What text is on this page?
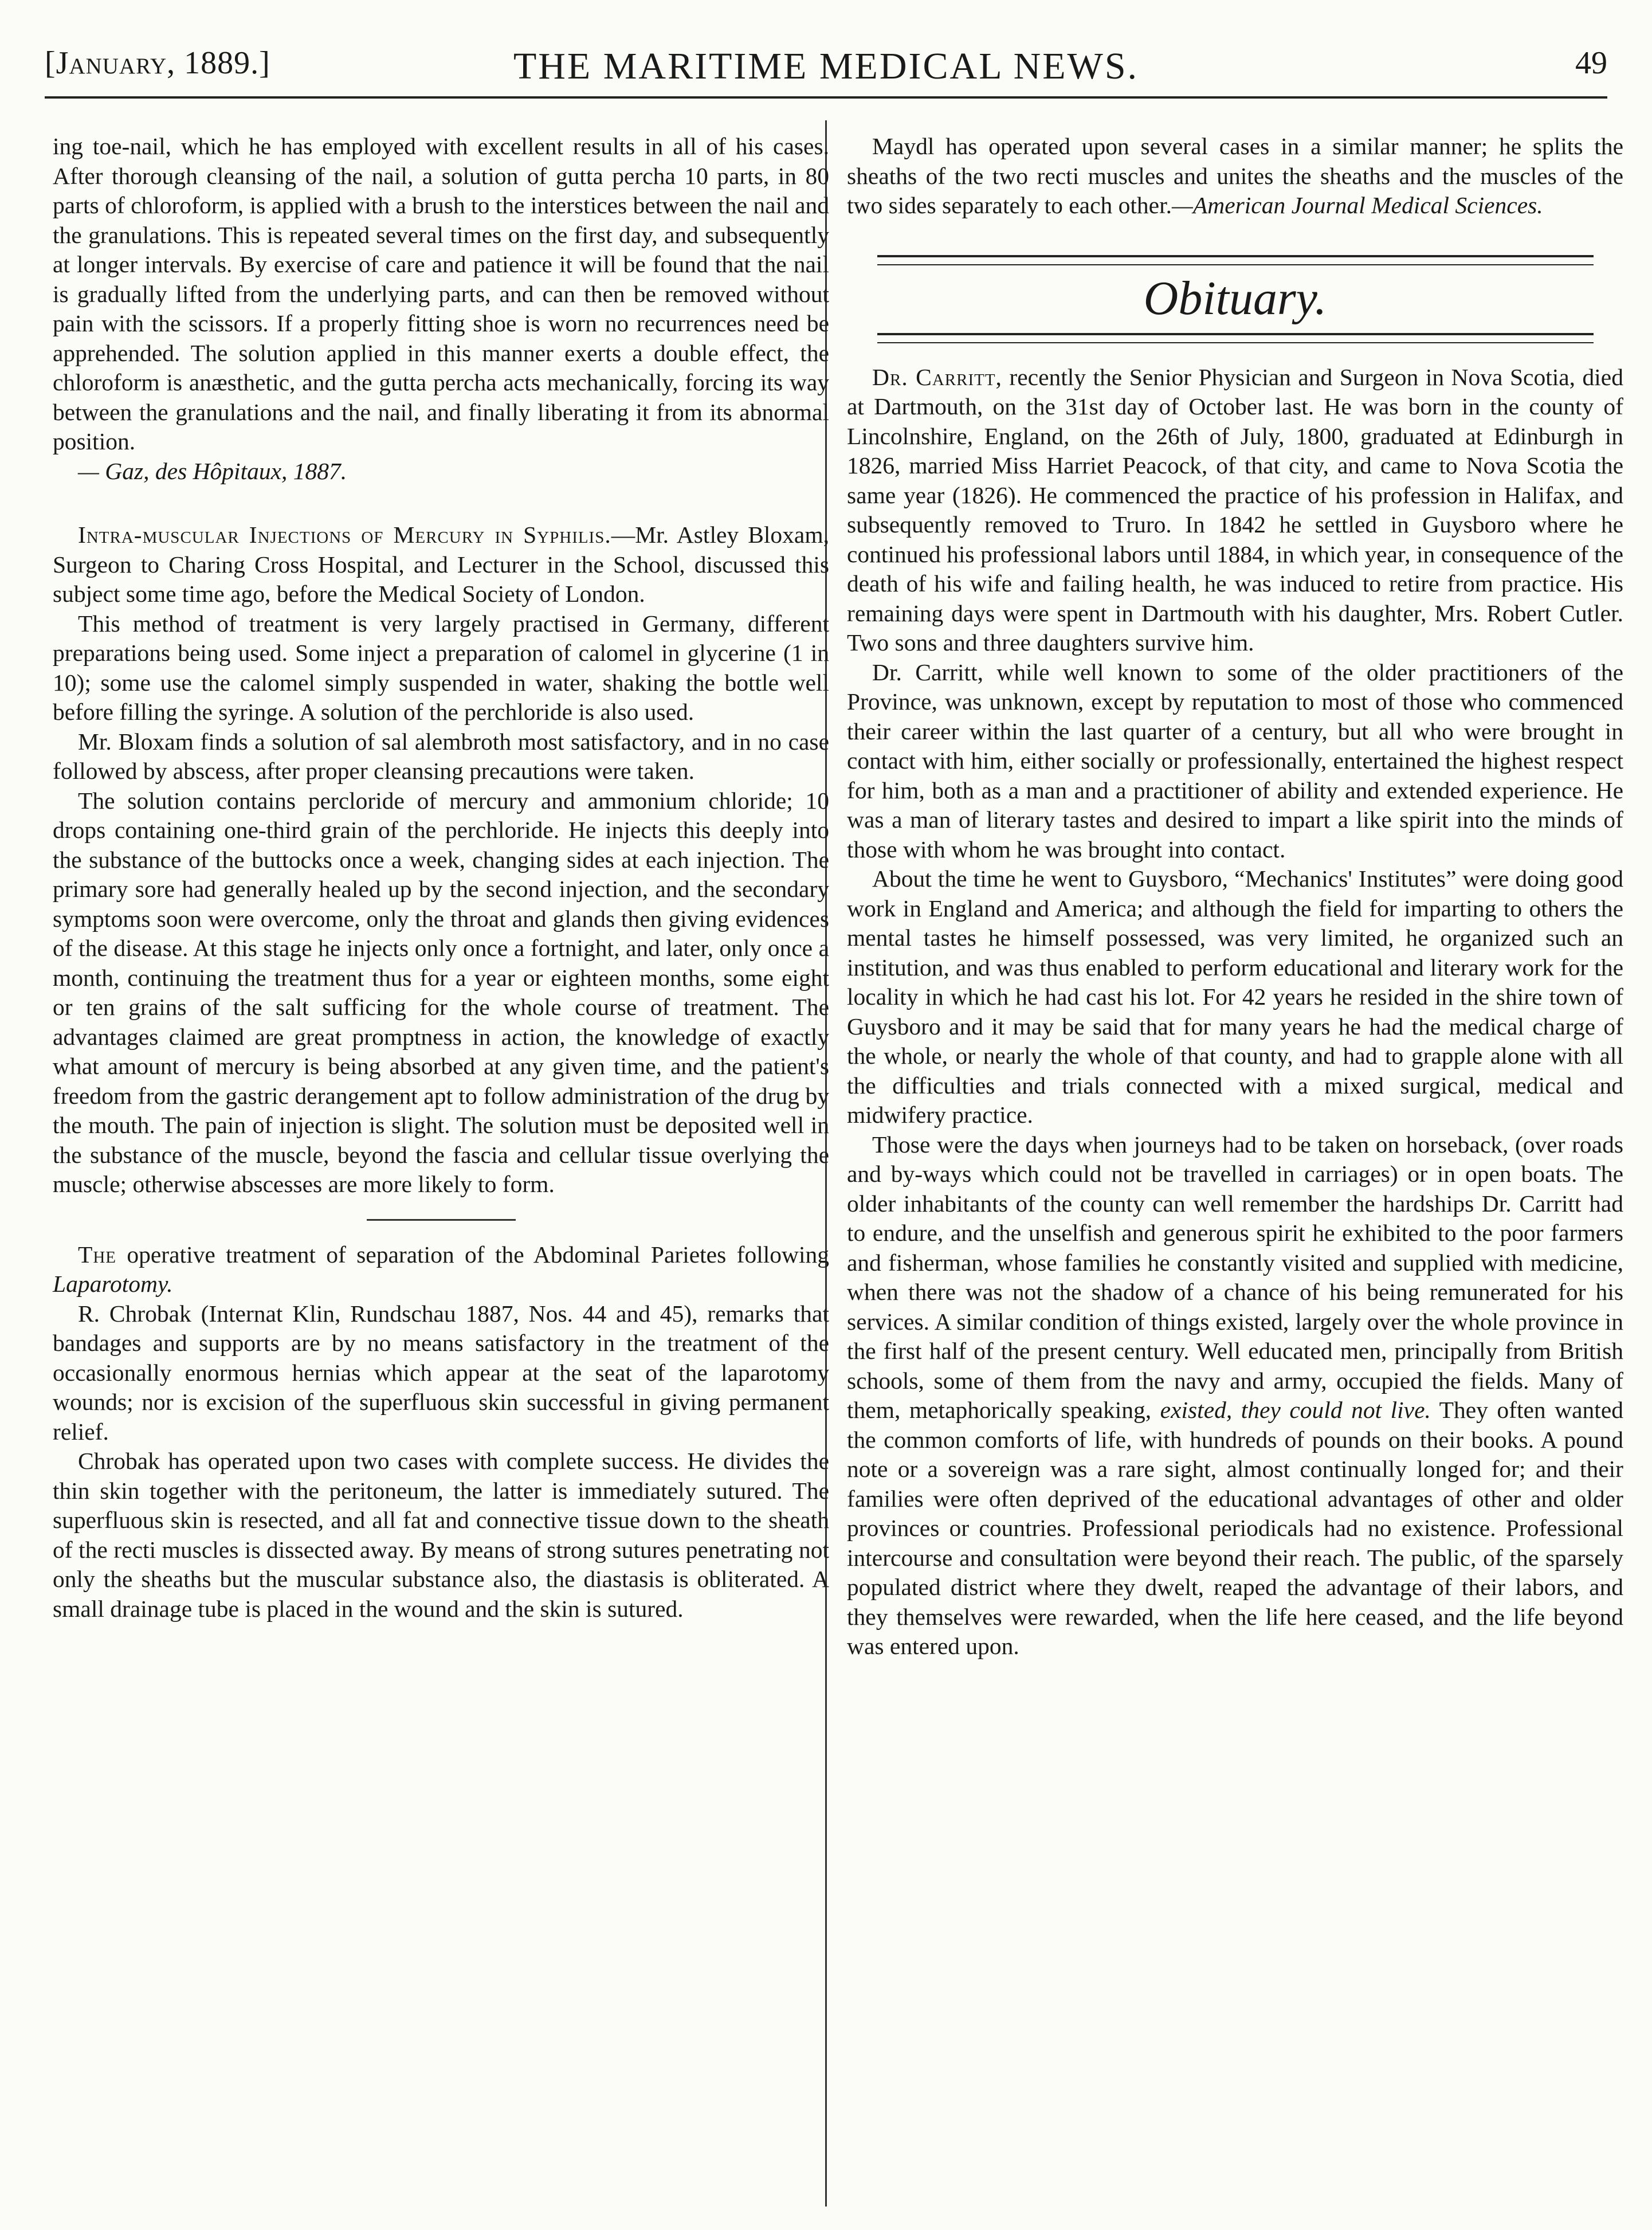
[January, 1889.]	THE MARITIME MEDICAL NEWS.	49

ing toe-nail, which he has employed with excellent results in all of his cases. After thorough cleansing of the nail, a solution of gutta percha 10 parts, in 80 parts of chloroform, is applied with a brush to the interstices between the nail and the granulations. This is repeated several times on the first day, and subsequently at longer intervals. By exercise of care and patience it will be found that the nail is gradually lifted from the underlying parts, and can then be removed without pain with the scissors. If a properly fitting shoe is worn no recurrences need be apprehended. The solution applied in this manner exerts a double effect, the chloroform is anæsthetic, and the gutta percha acts mechanically, forcing its way between the granulations and the nail, and finally liberating it from its abnormal position.

— Gaz, des Hôpitaux, 1887.

Intra-muscular Injections of Mercury in Syphilis.—Mr. Astley Bloxam, Surgeon to Charing Cross Hospital, and Lecturer in the School, discussed this subject some time ago, before the Medical Society of London.

This method of treatment is very largely practised in Germany, different preparations being used. Some inject a preparation of calomel in glycerine (1 in 10); some use the calomel simply suspended in water, shaking the bottle well before filling the syringe. A solution of the perchloride is also used.

Mr. Bloxam finds a solution of sal alembroth most satisfactory, and in no case followed by abscess, after proper cleansing precautions were taken.

The solution contains percloride of mercury and ammonium chloride; 10 drops containing one-third grain of the perchloride. He injects this deeply into the substance of the buttocks once a week, changing sides at each injection. The primary sore had generally healed up by the second injection, and the secondary symptoms soon were overcome, only the throat and glands then giving evidences of the disease. At this stage he injects only once a fortnight, and later, only once a month, continuing the treatment thus for a year or eighteen months, some eight or ten grains of the salt sufficing for the whole course of treatment. The advantages claimed are great promptness in action, the knowledge of exactly what amount of mercury is being absorbed at any given time, and the patient's freedom from the gastric derangement apt to follow administration of the drug by the mouth. The pain of injection is slight. The solution must be deposited well in the substance of the muscle, beyond the fascia and cellular tissue overlying the muscle; otherwise abscesses are more likely to form.

The operative treatment of separation of the Abdominal Parietes following Laparotomy.

R. Chrobak (Internat Klin, Rundschau 1887, Nos. 44 and 45), remarks that bandages and supports are by no means satisfactory in the treatment of the occasionally enormous hernias which appear at the seat of the laparotomy wounds; nor is excision of the superfluous skin successful in giving permanent relief.

Chrobak has operated upon two cases with complete success. He divides the thin skin together with the peritoneum, the latter is immediately sutured. The superfluous skin is resected, and all fat and connective tissue down to the sheath of the recti muscles is dissected away. By means of strong sutures penetrating not only the sheaths but the muscular substance also, the diastasis is obliterated. A small drainage tube is placed in the wound and the skin is sutured.

Maydl has operated upon several cases in a similar manner; he splits the sheaths of the two recti muscles and unites the sheaths and the muscles of the two sides separately to each other.—American Journal Medical Sciences.

Obituary.

Dr. Carritt, recently the Senior Physician and Surgeon in Nova Scotia, died at Dartmouth, on the 31st day of October last. He was born in the county of Lincolnshire, England, on the 26th of July, 1800, graduated at Edinburgh in 1826, married Miss Harriet Peacock, of that city, and came to Nova Scotia the same year (1826). He commenced the practice of his profession in Halifax, and subsequently removed to Truro. In 1842 he settled in Guysboro where he continued his professional labors until 1884, in which year, in consequence of the death of his wife and failing health, he was induced to retire from practice. His remaining days were spent in Dartmouth with his daughter, Mrs. Robert Cutler. Two sons and three daughters survive him.

Dr. Carritt, while well known to some of the older practitioners of the Province, was unknown, except by reputation to most of those who commenced their career within the last quarter of a century, but all who were brought in contact with him, either socially or professionally, entertained the highest respect for him, both as a man and a practitioner of ability and extended experience. He was a man of literary tastes and desired to impart a like spirit into the minds of those with whom he was brought into contact.

About the time he went to Guysboro, “Mechanics' Institutes” were doing good work in England and America; and although the field for imparting to others the mental tastes he himself possessed, was very limited, he organized such an institution, and was thus enabled to perform educational and literary work for the locality in which he had cast his lot. For 42 years he resided in the shire town of Guysboro and it may be said that for many years he had the medical charge of the whole, or nearly the whole of that county, and had to grapple alone with all the difficulties and trials connected with a mixed surgical, medical and midwifery practice.

Those were the days when journeys had to be taken on horseback, (over roads and by-ways which could not be travelled in carriages) or in open boats. The older inhabitants of the county can well remember the hardships Dr. Carritt had to endure, and the unselfish and generous spirit he exhibited to the poor farmers and fisherman, whose families he constantly visited and supplied with medicine, when there was not the shadow of a chance of his being remunerated for his services. A similar condition of things existed, largely over the whole province in the first half of the present century. Well educated men, principally from British schools, some of them from the navy and army, occupied the fields. Many of them, metaphorically speaking, existed, they could not live. They often wanted the common comforts of life, with hundreds of pounds on their books. A pound note or a sovereign was a rare sight, almost continually longed for; and their families were often deprived of the educational advantages of other and older provinces or countries. Professional periodicals had no existence. Professional intercourse and consultation were beyond their reach. The public, of the sparsely populated district where they dwelt, reaped the advantage of their labors, and they themselves were rewarded, when the life here ceased, and the life beyond was entered upon.
